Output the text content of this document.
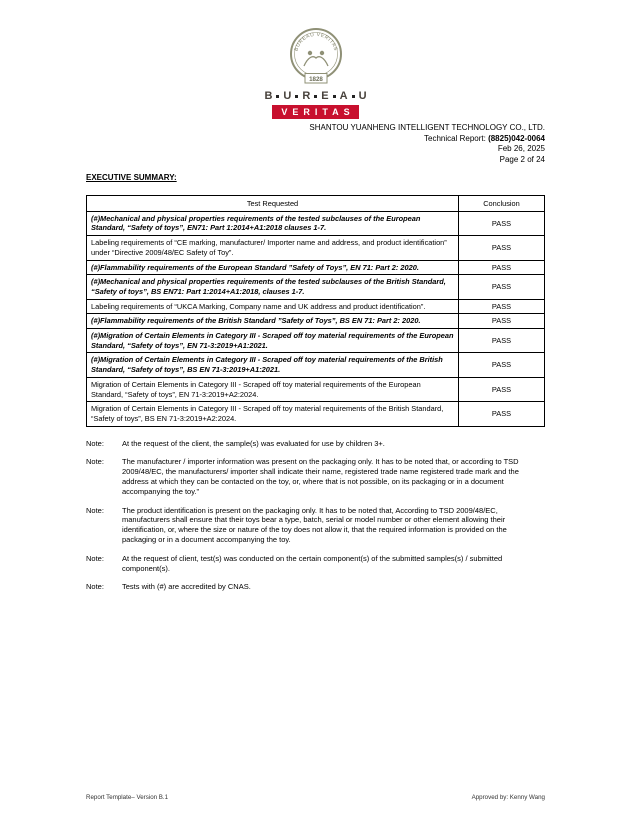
BUREAU VERITAS
1828
B U R E A U
VERITAS
SHANTOU YUANHENG INTELLIGENT TECHNOLOGY CO., LTD.
Technical Report: (8825)042-0064
Feb 26, 2025
Page 2 of 24
EXECUTIVE SUMMARY:
Test Requested	Conclusion
(#)Mechanical and physical properties requirements of the tested subclauses of the European Standard, “Safety of toys”, EN71: Part 1:2014+A1:2018 clauses 1-7.	PASS
Labeling requirements of “CE marking, manufacturer/ Importer name and address, and product identification” under “Directive 2009/48/EC Safety of Toy”.	PASS
(#)Flammability requirements of the European Standard ”Safety of Toys”, EN 71: Part 2: 2020.	PASS
(#)Mechanical and physical properties requirements of the tested subclauses of the British Standard, “Safety of toys”, BS EN71: Part 1:2014+A1:2018, clauses 1-7.	PASS
Labeling requirements of “UKCA Marking, Company name and UK address and product identification”.	PASS
(#)Flammability requirements of the British Standard ”Safety of Toys”, BS EN 71: Part 2: 2020.	PASS
(#)Migration of Certain Elements in Category III - Scraped off toy material requirements of the European Standard, “Safety of toys”, EN 71-3:2019+A1:2021.	PASS
(#)Migration of Certain Elements in Category III - Scraped off toy material requirements of the British Standard, “Safety of toys”, BS EN 71-3:2019+A1:2021.	PASS
Migration of Certain Elements in Category III - Scraped off toy material requirements of the European Standard, “Safety of toys”, EN 71-3:2019+A2:2024.	PASS
Migration of Certain Elements in Category III - Scraped off toy material requirements of the British Standard, “Safety of toys”, BS EN 71-3:2019+A2:2024.	PASS
Note:	At the request of the client, the sample(s) was evaluated for use by children 3+.
Note:	The manufacturer / importer information was present on the packaging only. It has to be noted that, or according to TSD 2009/48/EC, the manufacturers/ importer shall indicate their name, registered trade name registered trade mark and the address at which they can be contacted on the toy, or, where that is not possible, on its packaging or in a document accompanying the toy.”
Note:	The product identification is present on the packaging only. It has to be noted that, According to TSD 2009/48/EC, manufacturers shall ensure that their toys bear a type, batch, serial or model number or other element allowing their identification, or, where the size or nature of the toy does not allow it, that the required information is provided on the packaging or in a document accompanying the toy.
Note:	At the request of client, test(s) was conducted on the certain component(s) of the submitted samples(s) / submitted component(s).
Note:	Tests with (#) are accredited by CNAS.
Report Template– Version B.1	Approved by: Kenny Wang
